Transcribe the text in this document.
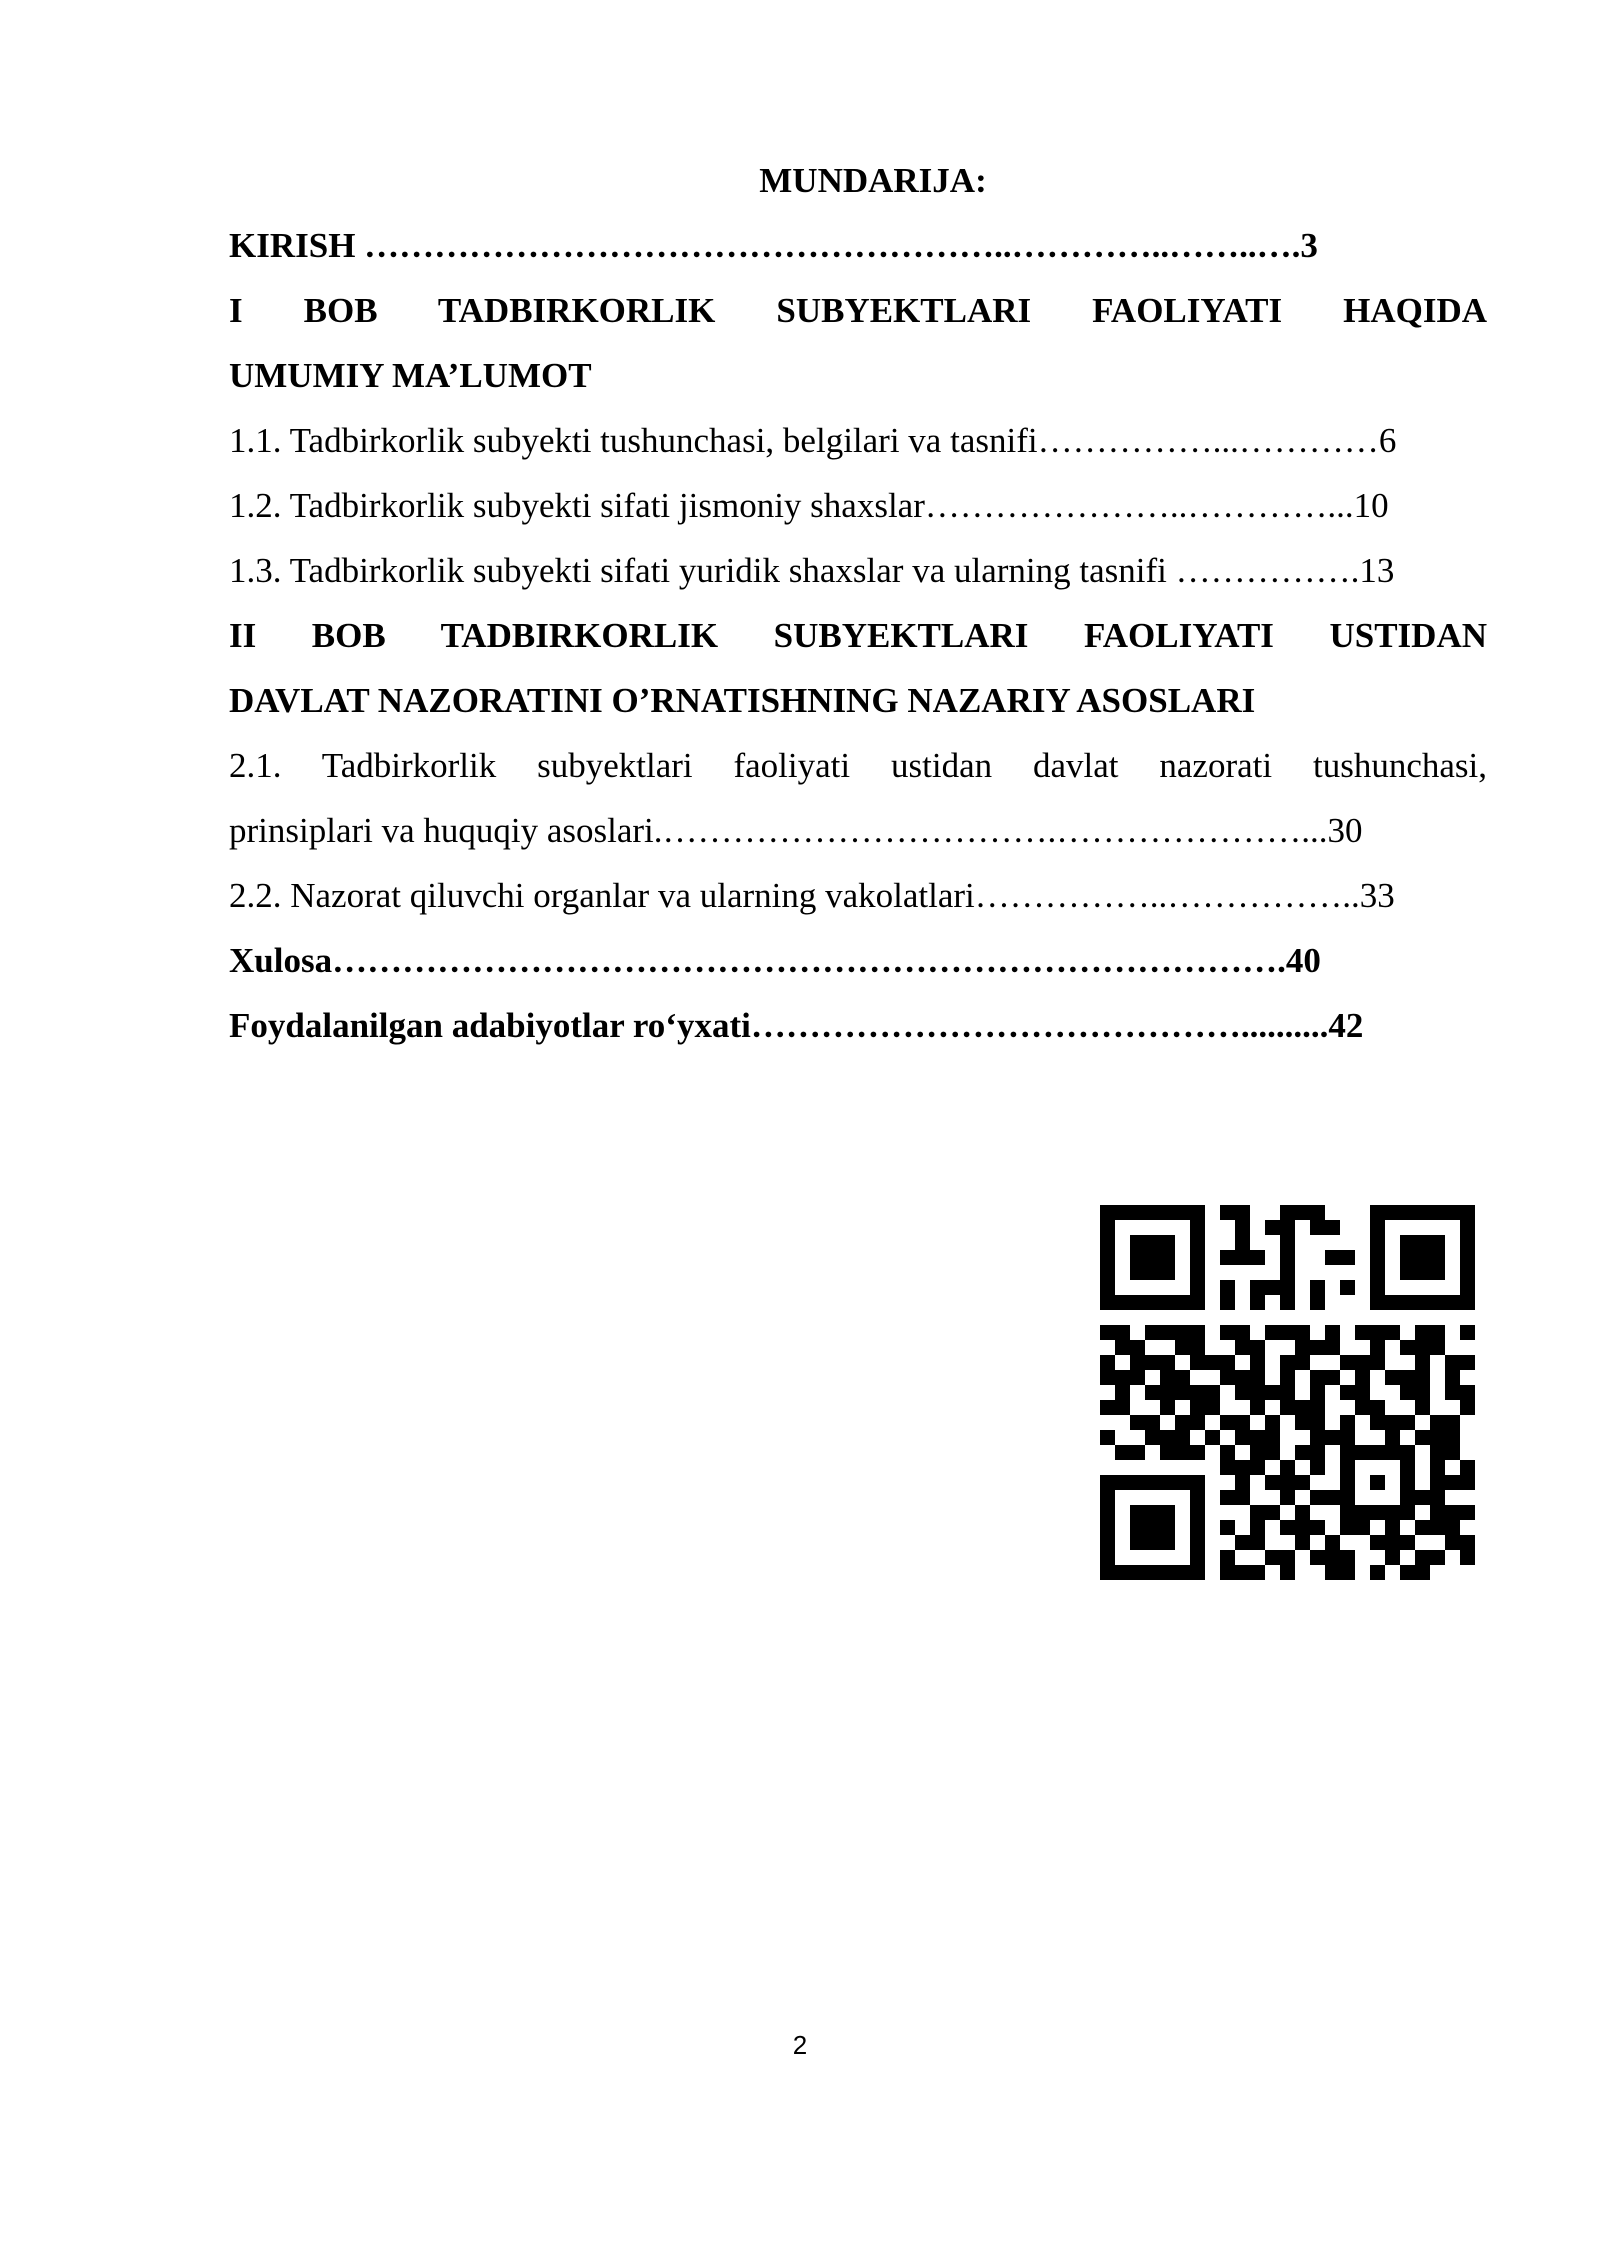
MUNDARIJA:
KIRISH ………………………………………………..…………..……..….3
I BOB TADBIRKORLIK SUBYEKTLARI FAOLIYATI HAQIDA
UMUMIY MA’LUMOT
1.1. Tadbirkorlik subyekti tushunchasi, belgilari va tasnifi……………...…………6
1.2. Tadbirkorlik subyekti sifati jismoniy shaxslar…………………..…………...10
1.3. Tadbirkorlik subyekti sifati yuridik shaxslar va ularning tasnifi …………….13
II BOB TADBIRKORLIK SUBYEKTLARI FAOLIYATI USTIDAN
DAVLAT NAZORATINI O’RNATISHNING NAZARIY ASOSLARI
2.1. Tadbirkorlik subyektlari faoliyati ustidan davlat nazorati tushunchasi,
prinsiplari va huquqiy asoslari.…………………………….…………………...30
2.2. Nazorat qiluvchi organlar va ularning vakolatlari……………..……………..33
Xulosa……………………………………………………………………….40
Foydalanilgan adabiyotlar ro‘yxati……………………………………..........42
2
